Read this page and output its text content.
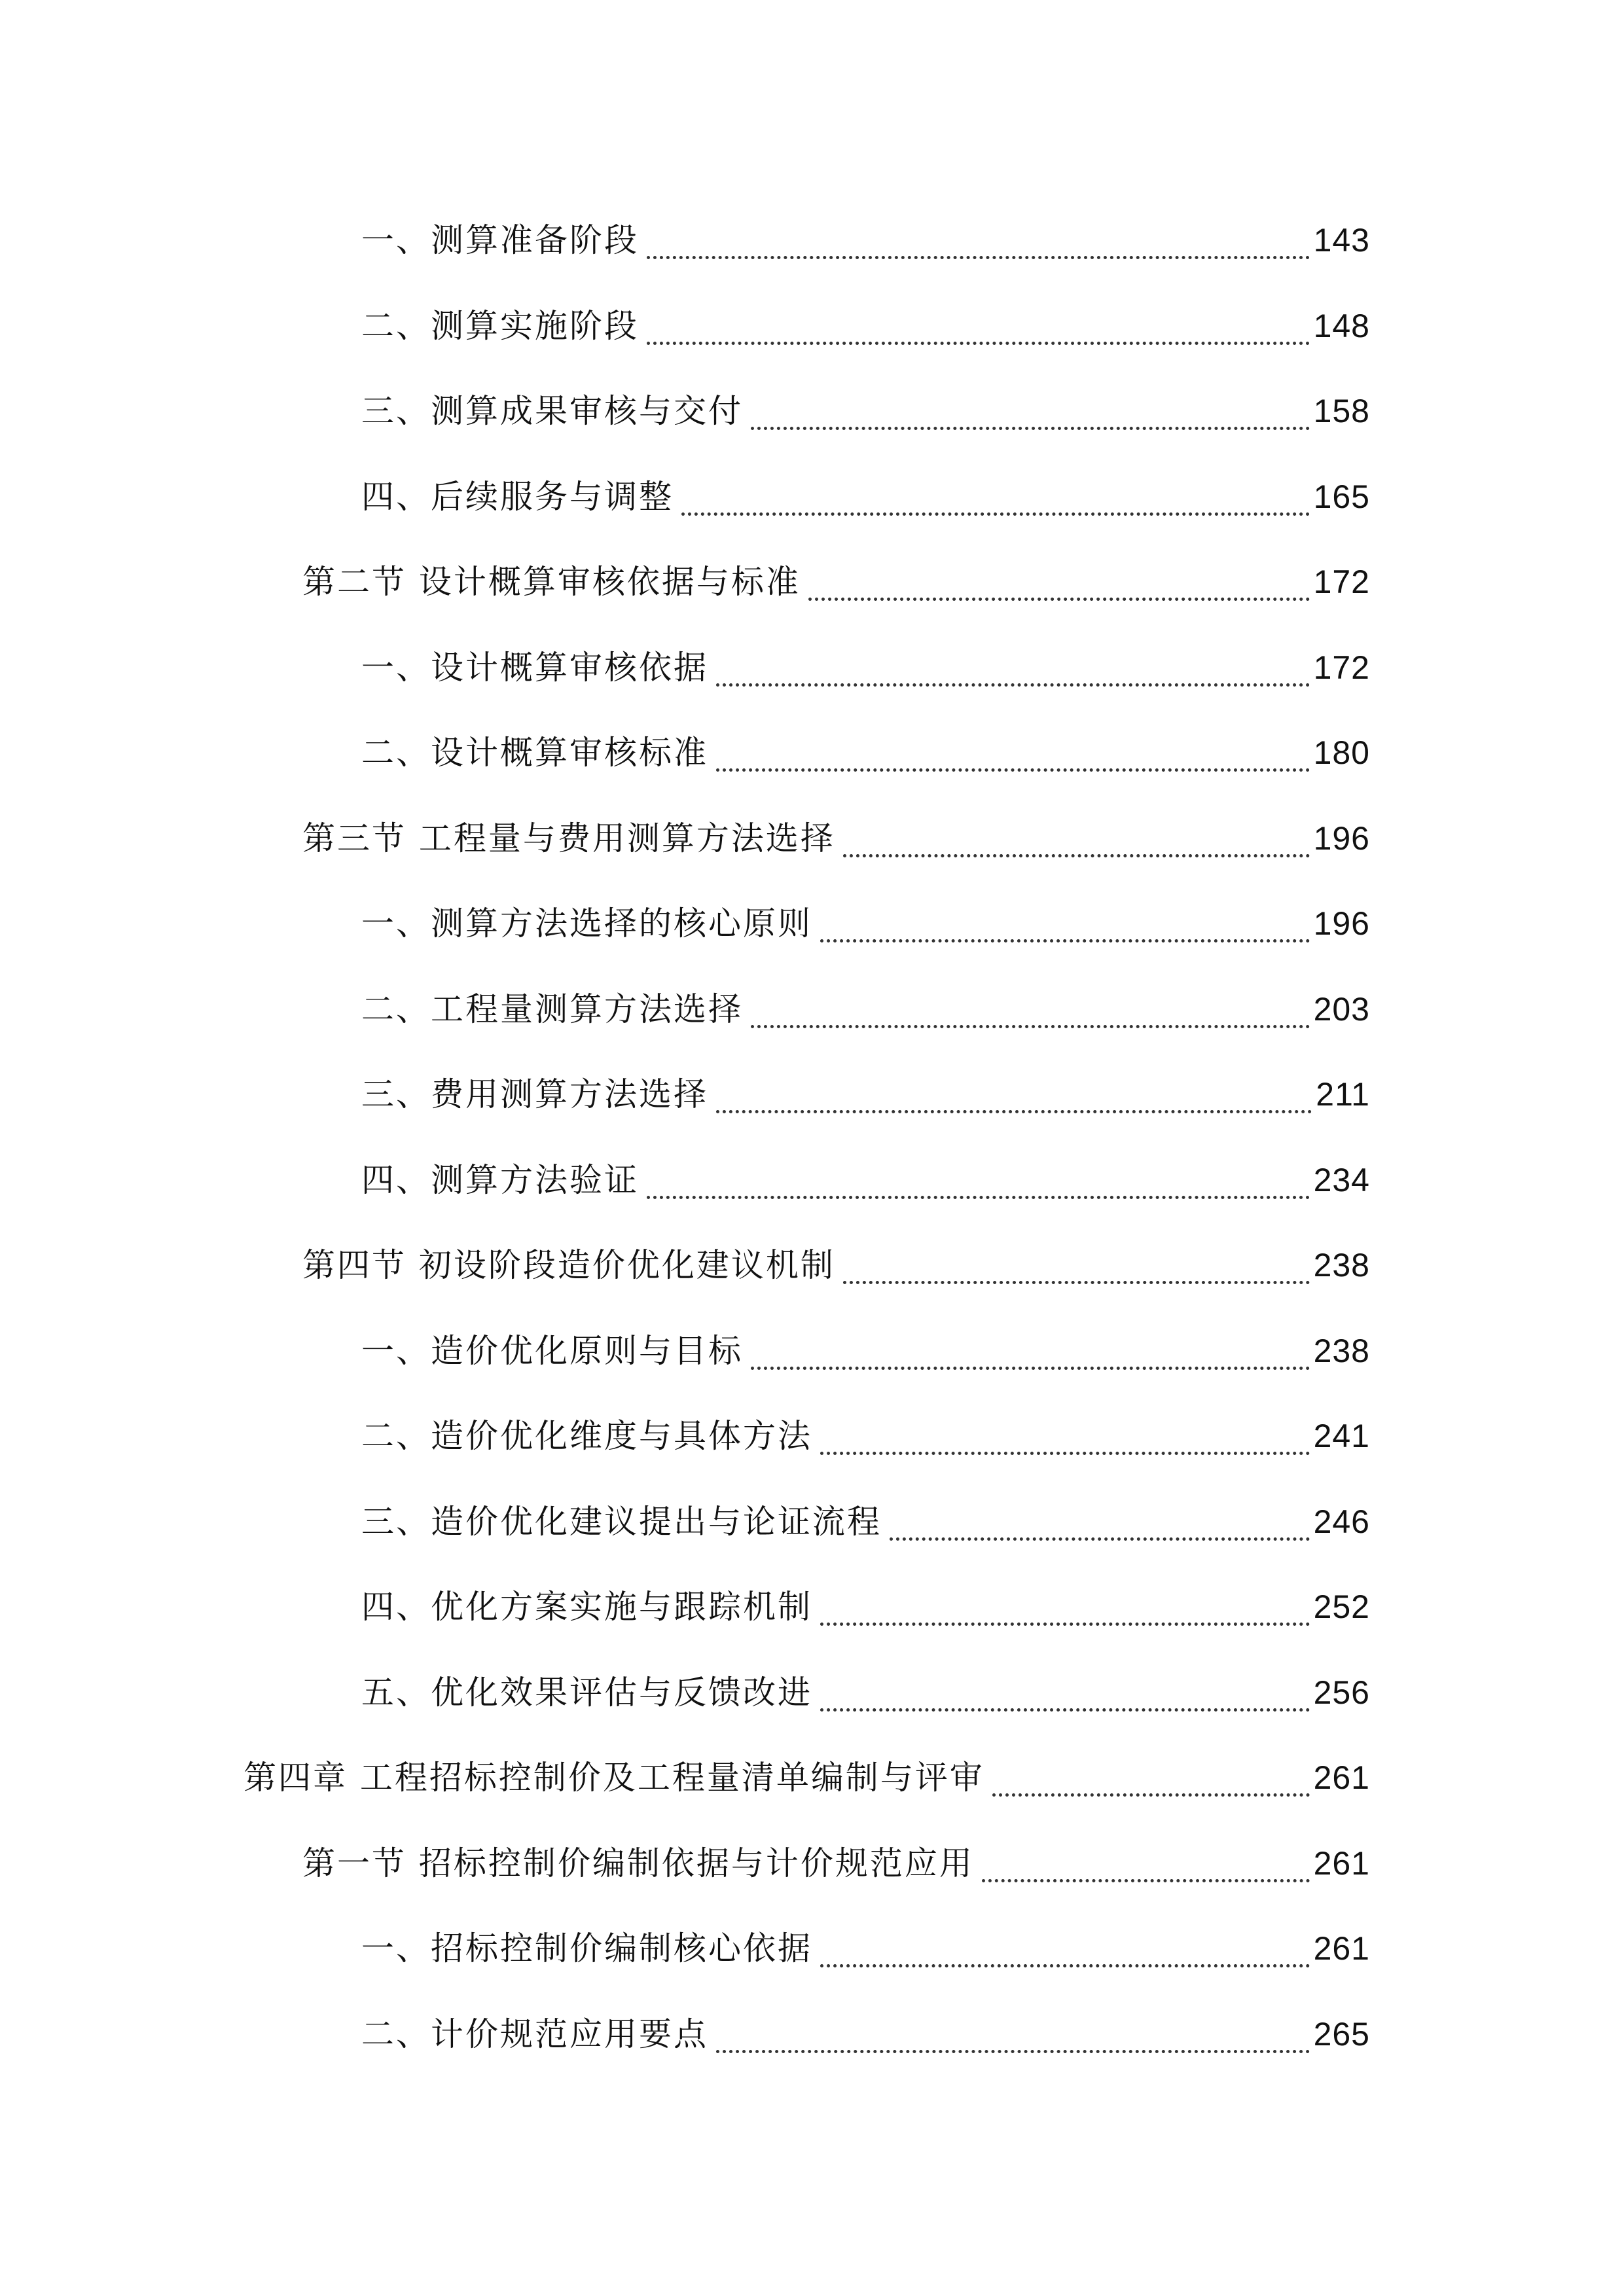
一、测算准备阶段	143
二、测算实施阶段	148
三、测算成果审核与交付	158
四、后续服务与调整	165
第二节 设计概算审核依据与标准	172
一、设计概算审核依据	172
二、设计概算审核标准	180
第三节 工程量与费用测算方法选择	196
一、测算方法选择的核心原则	196
二、工程量测算方法选择	203
三、费用测算方法选择	211
四、测算方法验证	234
第四节 初设阶段造价优化建议机制	238
一、造价优化原则与目标	238
二、造价优化维度与具体方法	241
三、造价优化建议提出与论证流程	246
四、优化方案实施与跟踪机制	252
五、优化效果评估与反馈改进	256
第四章 工程招标控制价及工程量清单编制与评审	261
第一节 招标控制价编制依据与计价规范应用	261
一、招标控制价编制核心依据	261
二、计价规范应用要点	265
